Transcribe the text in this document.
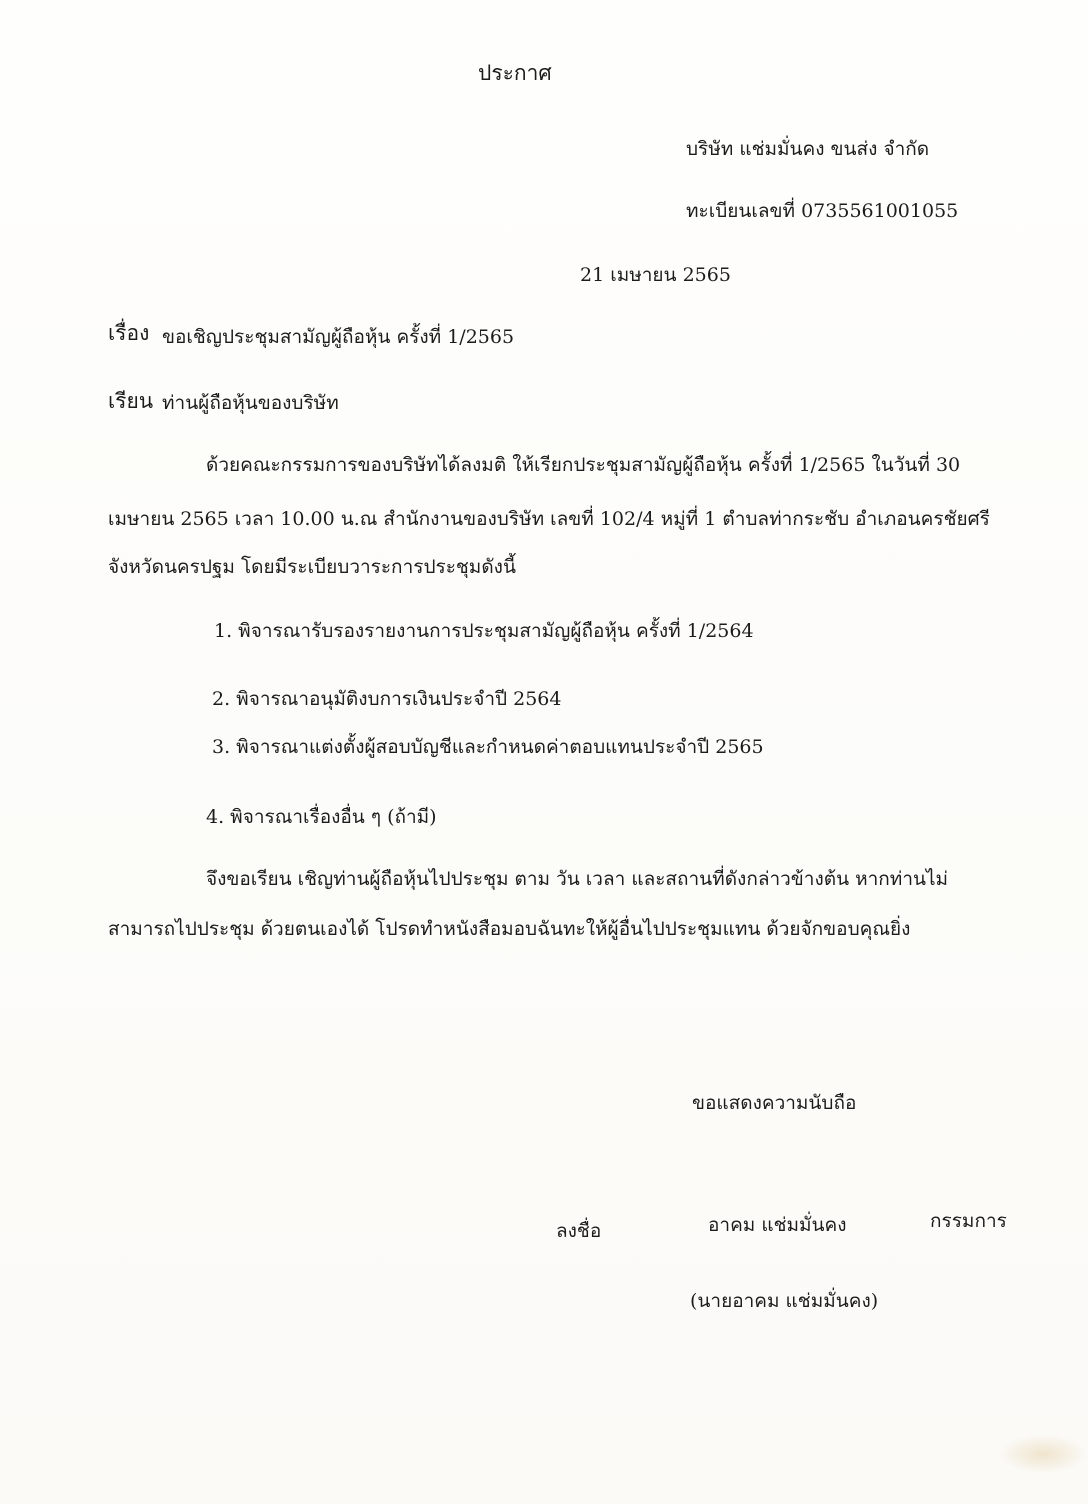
ประกาศ
บริษัท แช่มมั่นคง ขนส่ง จำกัด
ทะเบียนเลขที่ 0735561001055
21 เมษายน 2565
เรื่อง ขอเชิญประชุมสามัญผู้ถือหุ้น ครั้งที่ 1/2565
เรียน ท่านผู้ถือหุ้นของบริษัท
ด้วยคณะกรรมการของบริษัทได้ลงมติ ให้เรียกประชุมสามัญผู้ถือหุ้น ครั้งที่ 1/2565 ในวันที่ 30
เมษายน 2565 เวลา 10.00 น.ณ สำนักงานของบริษัท เลขที่ 102/4 หมู่ที่ 1 ตำบลท่ากระชับ อำเภอนครชัยศรี
จังหวัดนครปฐม โดยมีระเบียบวาระการประชุมดังนี้
1. พิจารณารับรองรายงานการประชุมสามัญผู้ถือหุ้น ครั้งที่ 1/2564
2. พิจารณาอนุมัติงบการเงินประจำปี 2564
3. พิจารณาแต่งตั้งผู้สอบบัญชีและกำหนดค่าตอบแทนประจำปี 2565
4. พิจารณาเรื่องอื่น ๆ (ถ้ามี)
จึงขอเรียน เชิญท่านผู้ถือหุ้นไปประชุม ตาม วัน เวลา และสถานที่ดังกล่าวข้างต้น หากท่านไม่
สามารถไปประชุม ด้วยตนเองได้ โปรดทำหนังสือมอบฉันทะให้ผู้อื่นไปประชุมแทน ด้วยจักขอบคุณยิ่ง
ขอแสดงความนับถือ
ลงชื่อ	อาคม แช่มมั่นคง	กรรมการ
(นายอาคม แช่มมั่นคง)
